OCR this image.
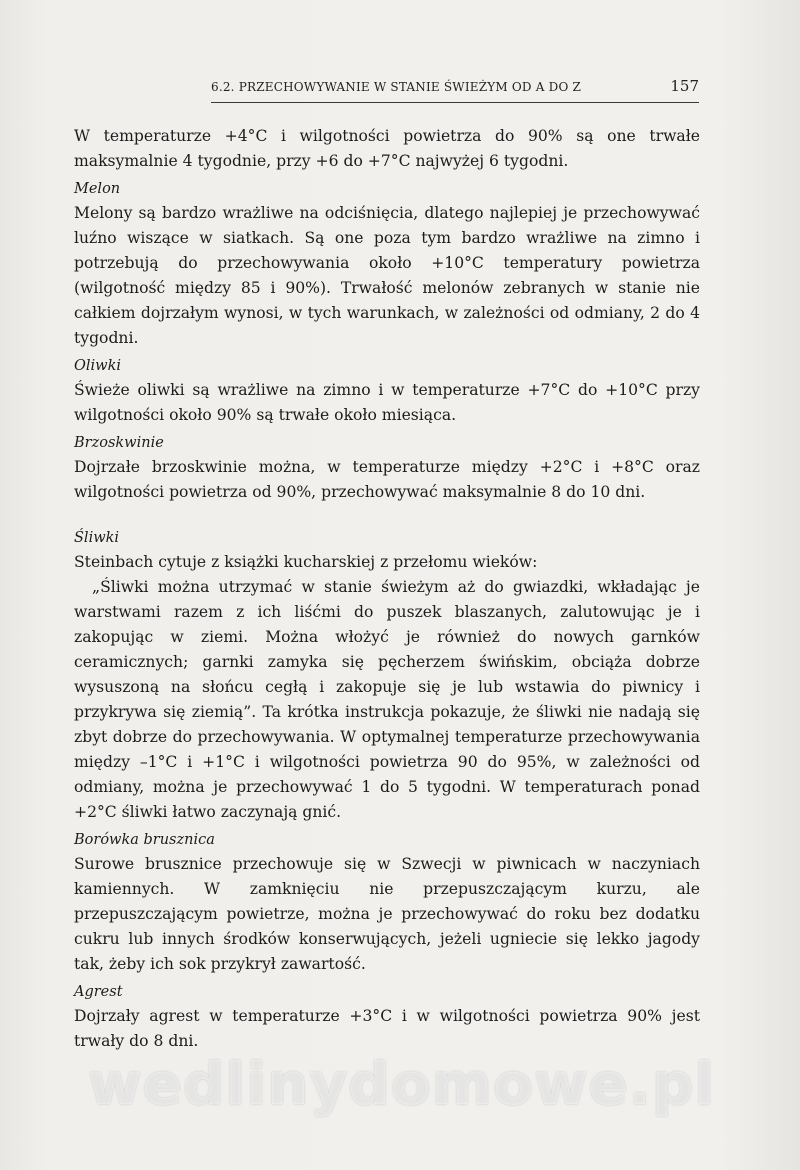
6.2. PRZECHOWYWANIE W STANIE ŚWIEŻYM OD A DO Z	157

W temperaturze +4°C i wilgotności powietrza do 90% są one trwałe maksymalnie 4 tygodnie, przy +6 do +7°C najwyżej 6 tygodni.

Melon

Melony są bardzo wrażliwe na odciśnięcia, dlatego najlepiej je przechowywać luźno wiszące w siatkach. Są one poza tym bardzo wrażliwe na zimno i potrzebują do przechowywania około +10°C temperatury powietrza (wilgotność między 85 i 90%). Trwałość melonów zebranych w stanie nie całkiem dojrzałym wynosi, w tych warunkach, w zależności od odmiany, 2 do 4 tygodni.

Oliwki

Świeże oliwki są wrażliwe na zimno i w temperaturze +7°C do +10°C przy wilgotności około 90% są trwałe około miesiąca.

Brzoskwinie

Dojrzałe brzoskwinie można, w temperaturze między +2°C i +8°C oraz wilgotności powietrza od 90%, przechowywać maksymalnie 8 do 10 dni.

Śliwki

Steinbach cytuje z książki kucharskiej z przełomu wieków:

„Śliwki można utrzymać w stanie świeżym aż do gwiazdki, wkładając je warstwami razem z ich liśćmi do puszek blaszanych, zalutowując je i zakopując w ziemi. Można włożyć je również do nowych garnków ceramicznych; garnki zamyka się pęcherzem świńskim, obciąża dobrze wysuszoną na słońcu cegłą i zakopuje się je lub wstawia do piwnicy i przykrywa się ziemią”. Ta krótka instrukcja pokazuje, że śliwki nie nadają się zbyt dobrze do przechowywania. W optymalnej temperaturze przechowywania między –1°C i +1°C i wilgotności powietrza 90 do 95%, w zależności od odmiany, można je przechowywać 1 do 5 tygodni. W temperaturach ponad +2°C śliwki łatwo zaczynają gnić.

Borówka brusznica

Surowe brusznice przechowuje się w Szwecji w piwnicach w naczyniach kamiennych. W zamknięciu nie przepuszczającym kurzu, ale przepuszczającym powietrze, można je przechowywać do roku bez dodatku cukru lub innych środków konserwujących, jeżeli ugniecie się lekko jagody tak, żeby ich sok przykrył zawartość.

Agrest

Dojrzały agrest w temperaturze +3°C i w wilgotności powietrza 90% jest trwały do 8 dni.

wedlinydomowe.pl
